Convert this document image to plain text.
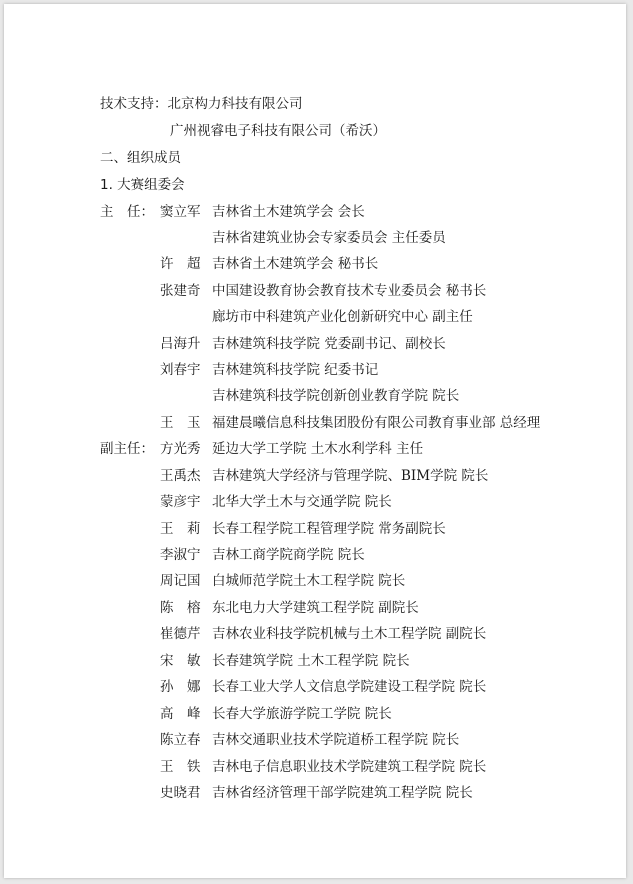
技术支持：北京构力科技有限公司
广州视睿电子科技有限公司（希沃）
二、组织成员
1. 大赛组委会
主　任： 窦立军 吉林省土木建筑学会 会长
吉林省建筑业协会专家委员会 主任委员
许　超 吉林省土木建筑学会 秘书长
张建奇 中国建设教育协会教育技术专业委员会 秘书长
廊坊市中科建筑产业化创新研究中心 副主任
吕海升 吉林建筑科技学院 党委副书记、副校长
刘春宇 吉林建筑科技学院 纪委书记
吉林建筑科技学院创新创业教育学院 院长
王　玉 福建晨曦信息科技集团股份有限公司教育事业部 总经理
副主任： 方光秀 延边大学工学院 土木水利学科 主任
王禹杰 吉林建筑大学经济与管理学院、BIM学院 院长
蒙彦宇 北华大学土木与交通学院 院长
王　莉 长春工程学院工程管理学院 常务副院长
李淑宁 吉林工商学院商学院 院长
周记国 白城师范学院土木工程学院 院长
陈　榕 东北电力大学建筑工程学院 副院长
崔德芹 吉林农业科技学院机械与土木工程学院 副院长
宋　敏 长春建筑学院 土木工程学院 院长
孙　娜 长春工业大学人文信息学院建设工程学院 院长
高　峰 长春大学旅游学院工学院 院长
陈立春 吉林交通职业技术学院道桥工程学院 院长
王　铁 吉林电子信息职业技术学院建筑工程学院 院长
史晓君 吉林省经济管理干部学院建筑工程学院 院长
